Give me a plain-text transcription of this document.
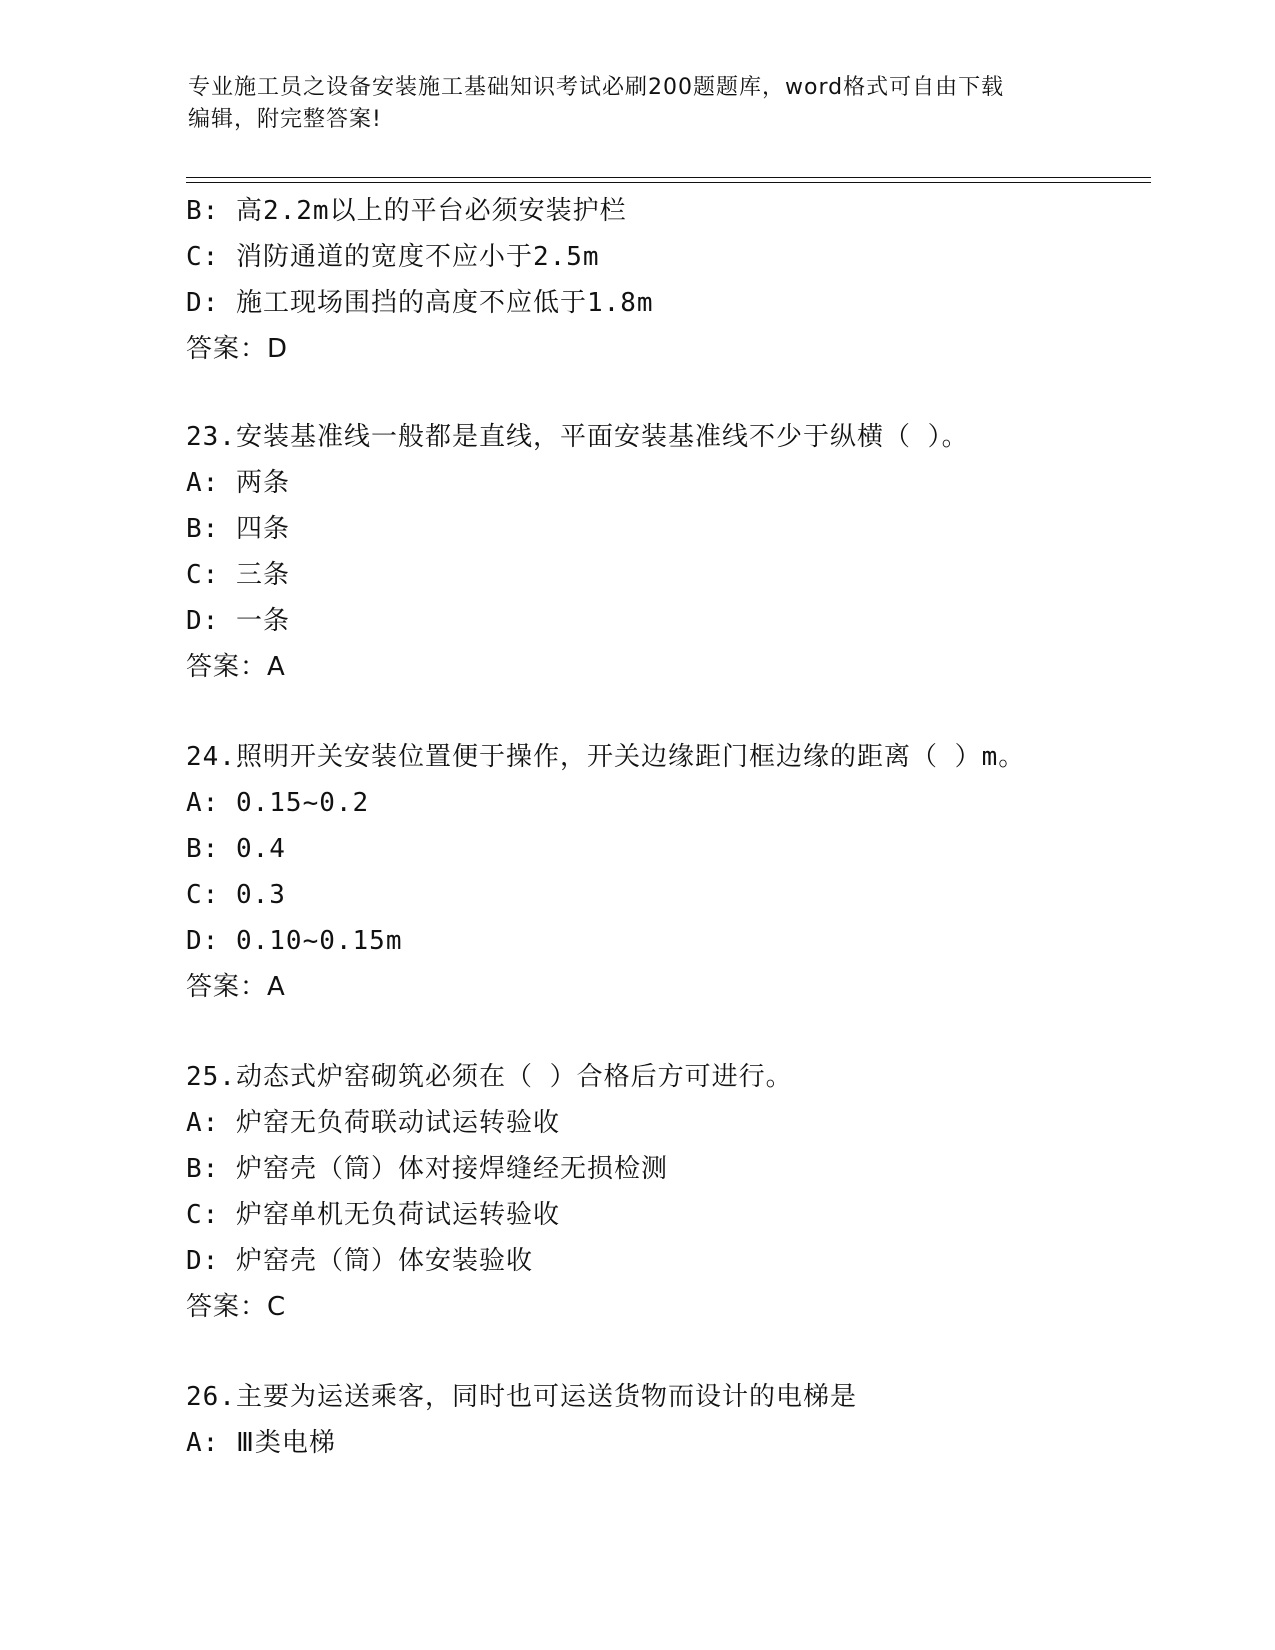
专业施工员之设备安装施工基础知识考试必刷200题题库，word格式可自由下载
编辑，附完整答案!
B: 高2.2m以上的平台必须安装护栏
C: 消防通道的宽度不应小于2.5m
D: 施工现场围挡的高度不应低于1.8m
答案：D
23.安装基准线一般都是直线，平面安装基准线不少于纵横（ ）。
A: 两条
B: 四条
C: 三条
D: 一条
答案：A
24.照明开关安装位置便于操作，开关边缘距门框边缘的距离（ ）m。
A: 0.15~0.2
B: 0.4
C: 0.3
D: 0.10~0.15m
答案：A
25.动态式炉窑砌筑必须在（ ）合格后方可进行。
A: 炉窑无负荷联动试运转验收
B: 炉窑壳（筒）体对接焊缝经无损检测
C: 炉窑单机无负荷试运转验收
D: 炉窑壳（筒）体安装验收
答案：C
26.主要为运送乘客，同时也可运送货物而设计的电梯是
A: Ⅲ类电梯
